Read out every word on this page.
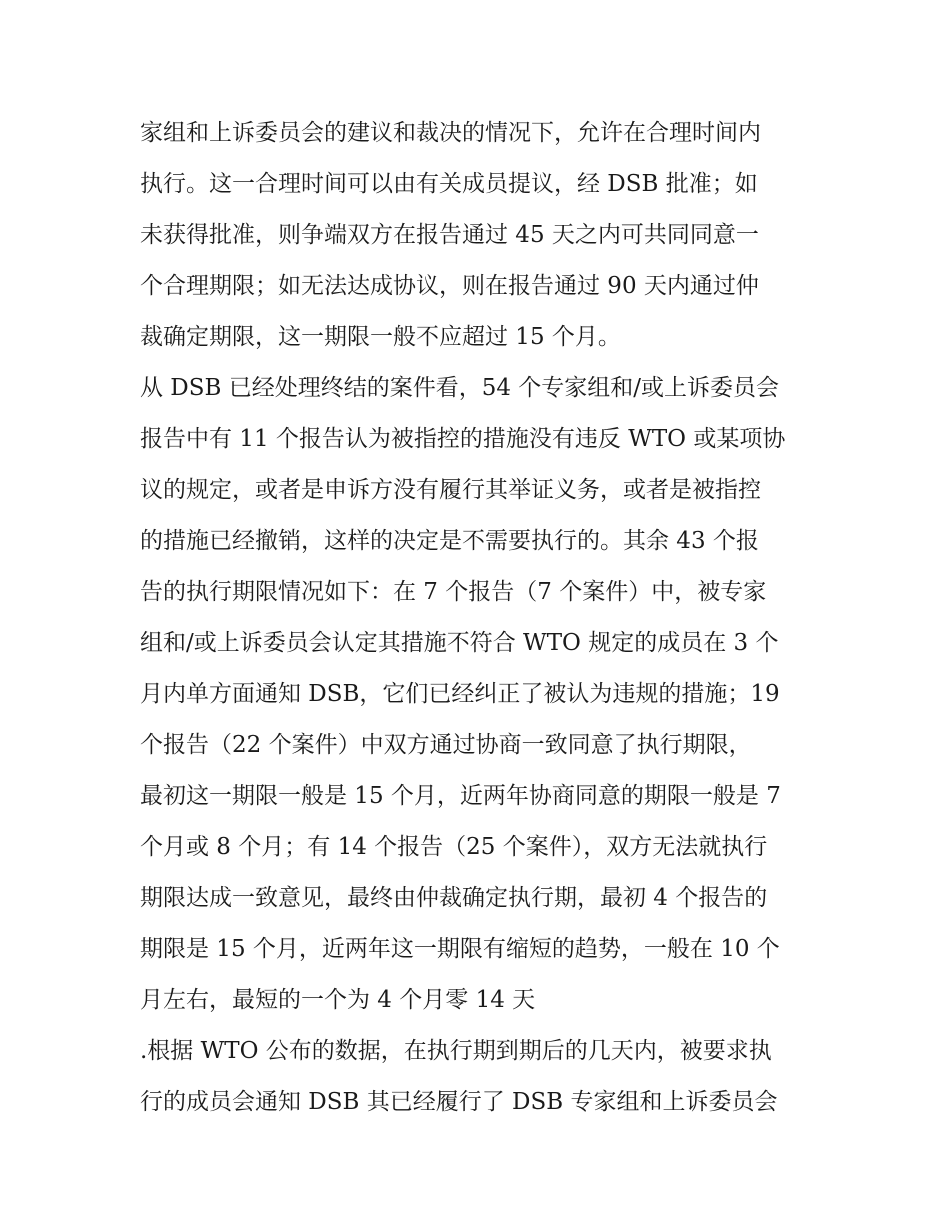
家组和上诉委员会的建议和裁决的情况下，允许在合理时间内
执行。这一合理时间可以由有关成员提议，经 DSB 批准；如
未获得批准，则争端双方在报告通过 45 天之内可共同同意一
个合理期限；如无法达成协议，则在报告通过 90 天内通过仲
裁确定期限，这一期限一般不应超过 15 个月。
从 DSB 已经处理终结的案件看，54 个专家组和/或上诉委员会
报告中有 11 个报告认为被指控的措施没有违反 WTO 或某项协
议的规定，或者是申诉方没有履行其举证义务，或者是被指控
的措施已经撤销，这样的决定是不需要执行的。其余 43 个报
告的执行期限情况如下：在 7 个报告（7 个案件）中，被专家
组和/或上诉委员会认定其措施不符合 WTO 规定的成员在 3 个
月内单方面通知 DSB，它们已经纠正了被认为违规的措施；19
个报告（22 个案件）中双方通过协商一致同意了执行期限，
最初这一期限一般是 15 个月，近两年协商同意的期限一般是 7
个月或 8 个月；有 14 个报告（25 个案件），双方无法就执行
期限达成一致意见，最终由仲裁确定执行期，最初 4 个报告的
期限是 15 个月，近两年这一期限有缩短的趋势，一般在 10 个
月左右，最短的一个为 4 个月零 14 天
.根据 WTO 公布的数据，在执行期到期后的几天内，被要求执
行的成员会通知 DSB 其已经履行了 DSB 专家组和上诉委员会
